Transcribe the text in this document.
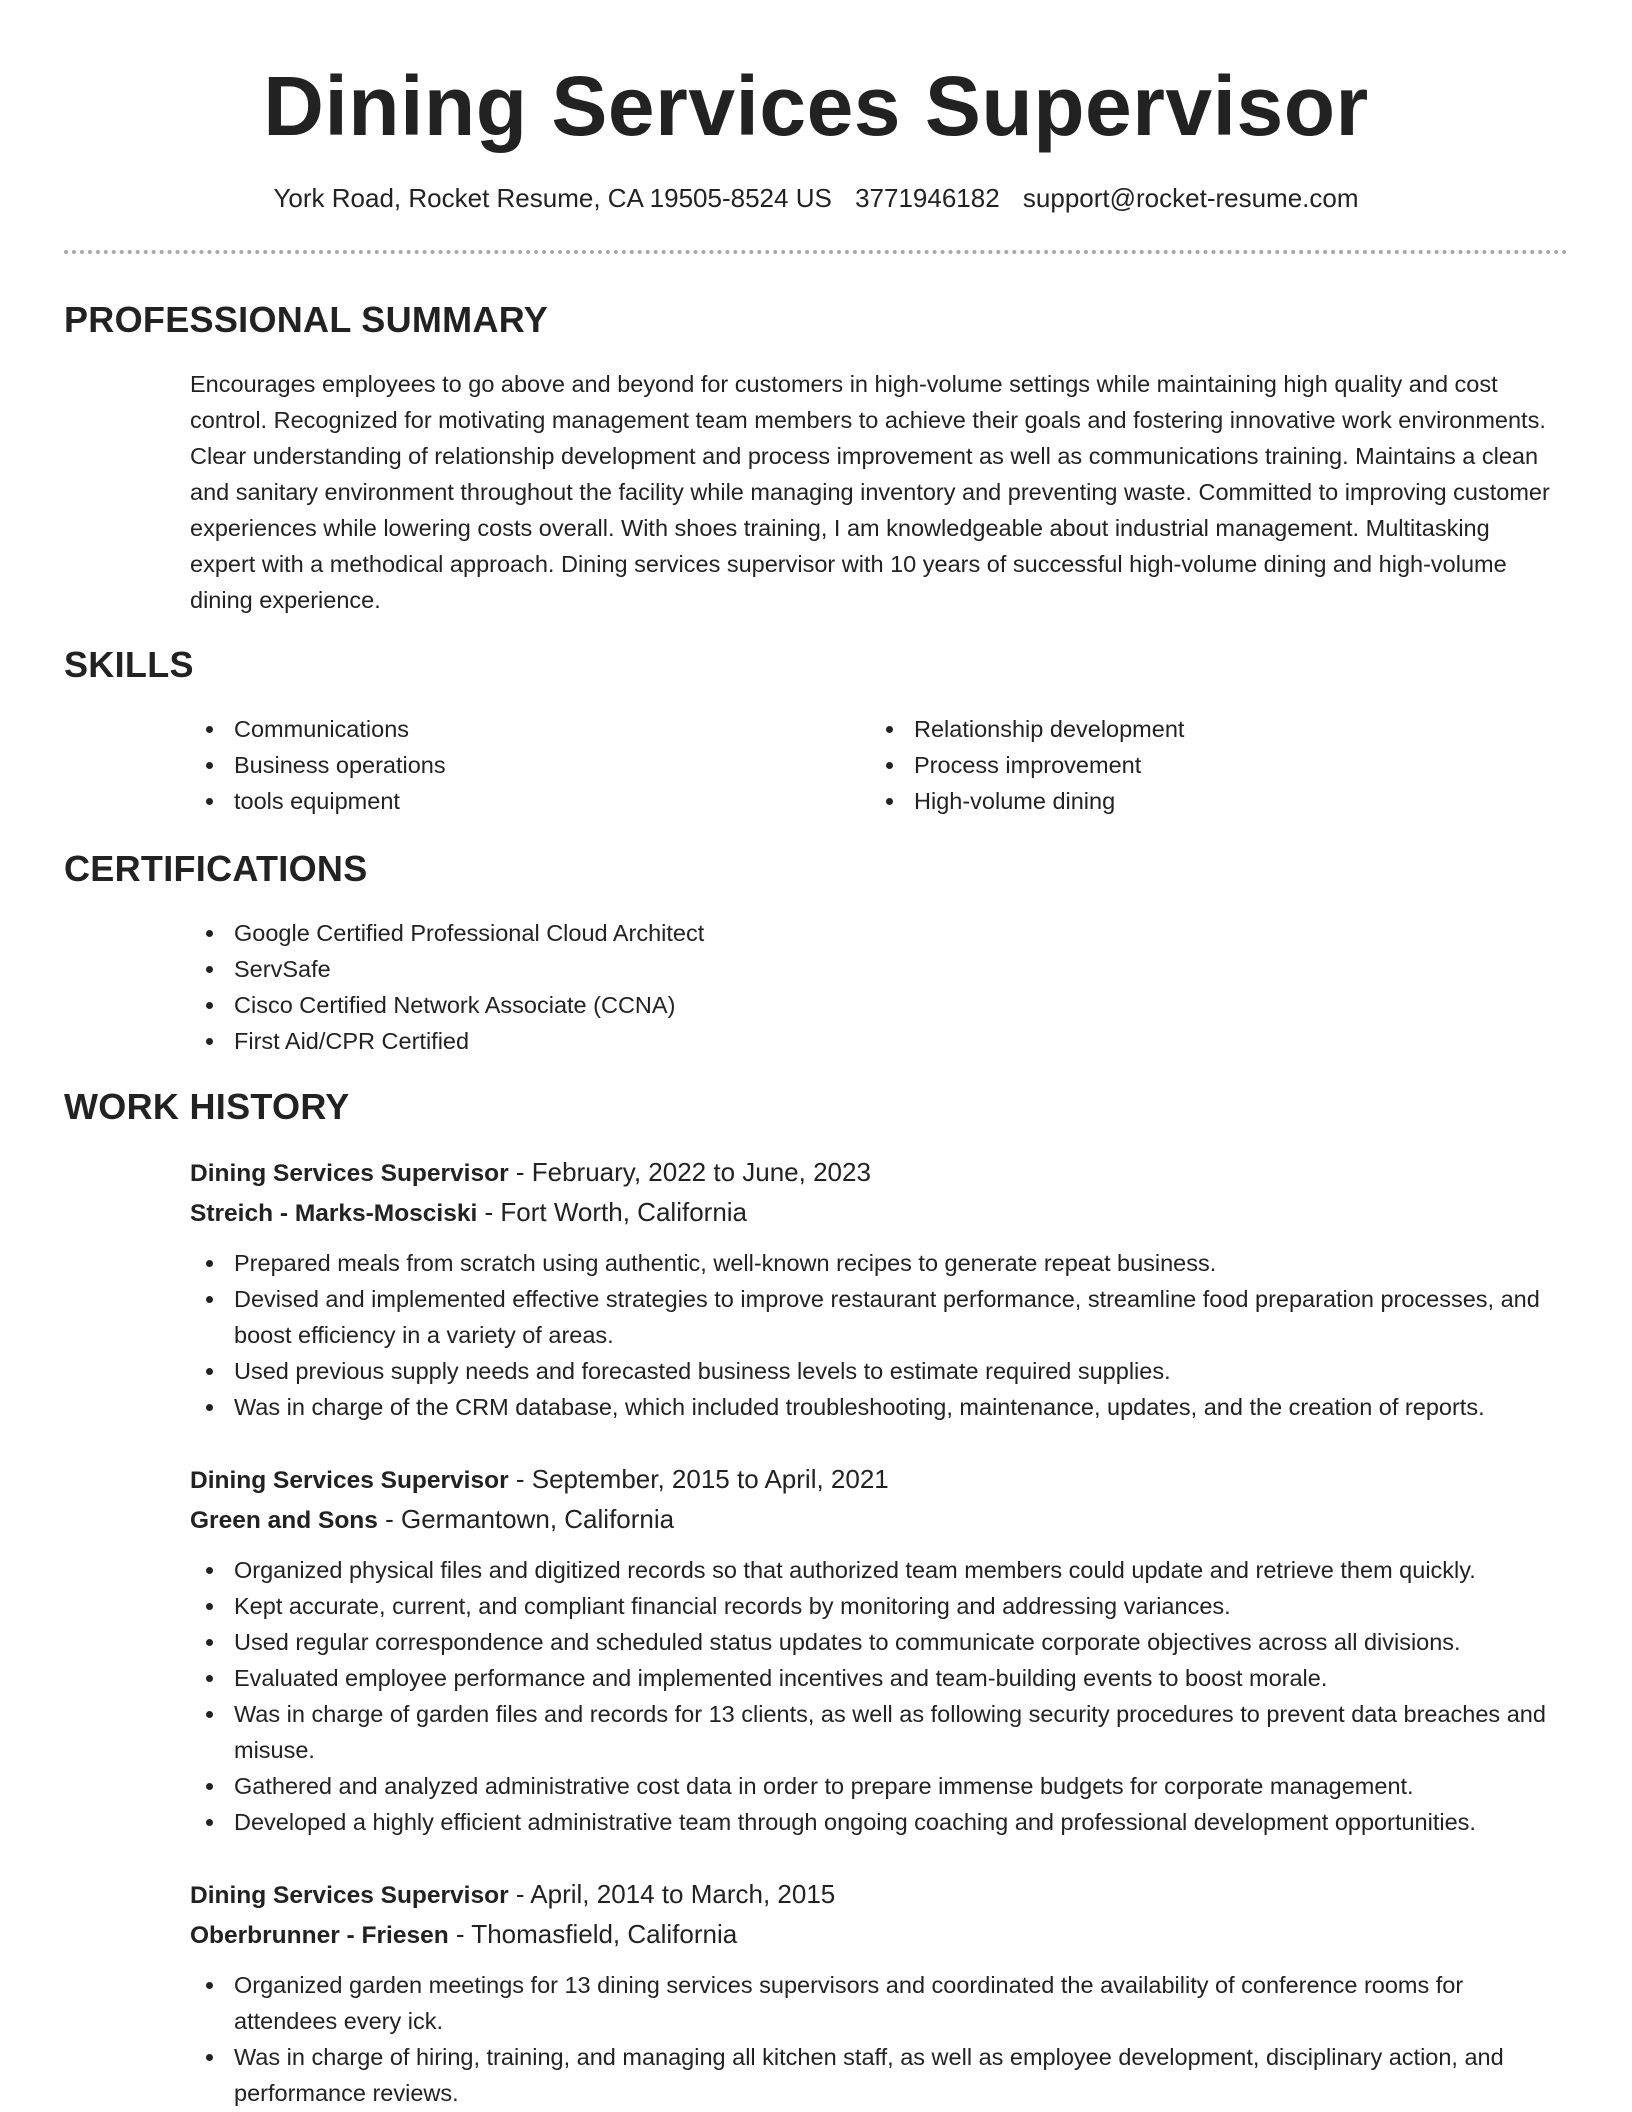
Dining Services Supervisor
York Road, Rocket Resume, CA 19505-8524 US 3771946182 support@rocket-resume.com
PROFESSIONAL SUMMARY

Encourages employees to go above and beyond for customers in high-volume settings while maintaining high quality and cost control. Recognized for motivating management team members to achieve their goals and fostering innovative work environments. Clear understanding of relationship development and process improvement as well as communications training. Maintains a clean and sanitary environment throughout the facility while managing inventory and preventing waste. Committed to improving customer experiences while lowering costs overall. With shoes training, I am knowledgeable about industrial management. Multitasking expert with a methodical approach. Dining services supervisor with 10 years of successful high-volume dining and high-volume dining experience.

SKILLS
Communications
Business operations
tools equipment
Relationship development
Process improvement
High-volume dining
CERTIFICATIONS
Google Certified Professional Cloud Architect
ServSafe
Cisco Certified Network Associate (CCNA)
First Aid/CPR Certified
WORK HISTORY
Dining Services Supervisor - February, 2022 to June, 2023
Streich - Marks-Mosciski - Fort Worth, California
Prepared meals from scratch using authentic, well-known recipes to generate repeat business.
Devised and implemented effective strategies to improve restaurant performance, streamline food preparation processes, and boost efficiency in a variety of areas.
Used previous supply needs and forecasted business levels to estimate required supplies.
Was in charge of the CRM database, which included troubleshooting, maintenance, updates, and the creation of reports.
Dining Services Supervisor - September, 2015 to April, 2021
Green and Sons - Germantown, California
Organized physical files and digitized records so that authorized team members could update and retrieve them quickly.
Kept accurate, current, and compliant financial records by monitoring and addressing variances.
Used regular correspondence and scheduled status updates to communicate corporate objectives across all divisions.
Evaluated employee performance and implemented incentives and team-building events to boost morale.
Was in charge of garden files and records for 13 clients, as well as following security procedures to prevent data breaches and misuse.
Gathered and analyzed administrative cost data in order to prepare immense budgets for corporate management.
Developed a highly efficient administrative team through ongoing coaching and professional development opportunities.
Dining Services Supervisor - April, 2014 to March, 2015
Oberbrunner - Friesen - Thomasfield, California
Organized garden meetings for 13 dining services supervisors and coordinated the availability of conference rooms for attendees every ick.
Was in charge of hiring, training, and managing all kitchen staff, as well as employee development, disciplinary action, and performance reviews.
